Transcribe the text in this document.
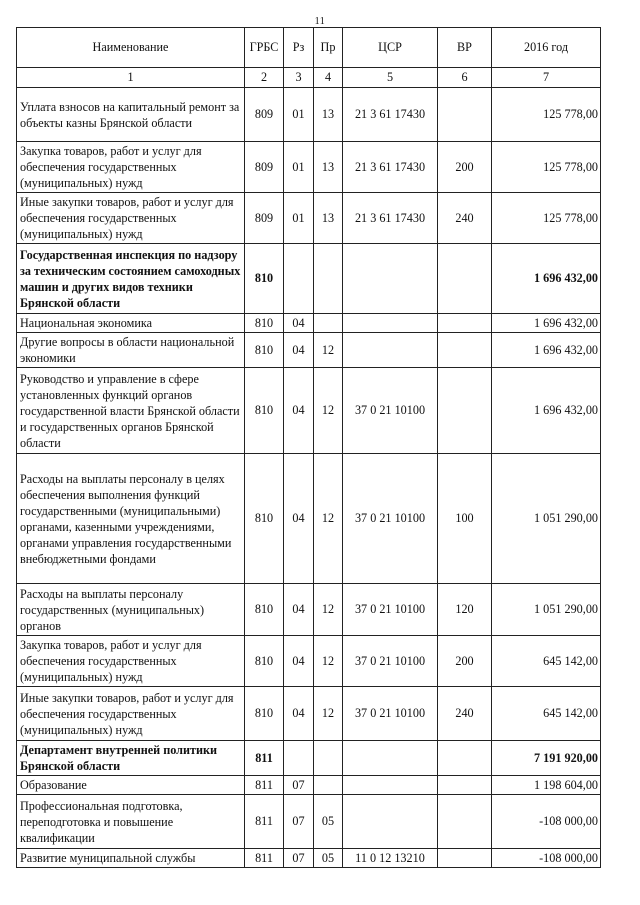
11
Наименование	ГРБС	Рз	Пр	ЦСР	ВР	2016 год
1	2	3	4	5	6	7
Уплата взносов на капитальный ремонт за объекты казны Брянской области	809	01	13	21 3 61 17430		125 778,00
Закупка товаров, работ и услуг для обеспечения государственных (муниципальных) нужд	809	01	13	21 3 61 17430	200	125 778,00
Иные закупки товаров, работ и услуг для обеспечения государственных (муниципальных) нужд	809	01	13	21 3 61 17430	240	125 778,00
Государственная инспекция по надзору за техническим состоянием самоходных машин и других видов техники Брянской области	810					1 696 432,00
Национальная экономика	810	04				1 696 432,00
Другие вопросы в области национальной экономики	810	04	12			1 696 432,00
Руководство и управление в сфере установленных функций органов государственной власти Брянской области и государственных органов Брянской области	810	04	12	37 0 21 10100		1 696 432,00
Расходы на выплаты персоналу в целях обеспечения выполнения функций государственными (муниципальными) органами, казенными учреждениями, органами управления государственными внебюджетными фондами	810	04	12	37 0 21 10100	100	1 051 290,00
Расходы на выплаты персоналу государственных (муниципальных) органов	810	04	12	37 0 21 10100	120	1 051 290,00
Закупка товаров, работ и услуг для обеспечения государственных (муниципальных) нужд	810	04	12	37 0 21 10100	200	645 142,00
Иные закупки товаров, работ и услуг для обеспечения государственных (муниципальных) нужд	810	04	12	37 0 21 10100	240	645 142,00
Департамент внутренней политики Брянской области	811					7 191 920,00
Образование	811	07				1 198 604,00
Профессиональная подготовка, переподготовка и повышение квалификации	811	07	05			-108 000,00
Развитие муниципальной службы	811	07	05	11 0 12 13210		-108 000,00
